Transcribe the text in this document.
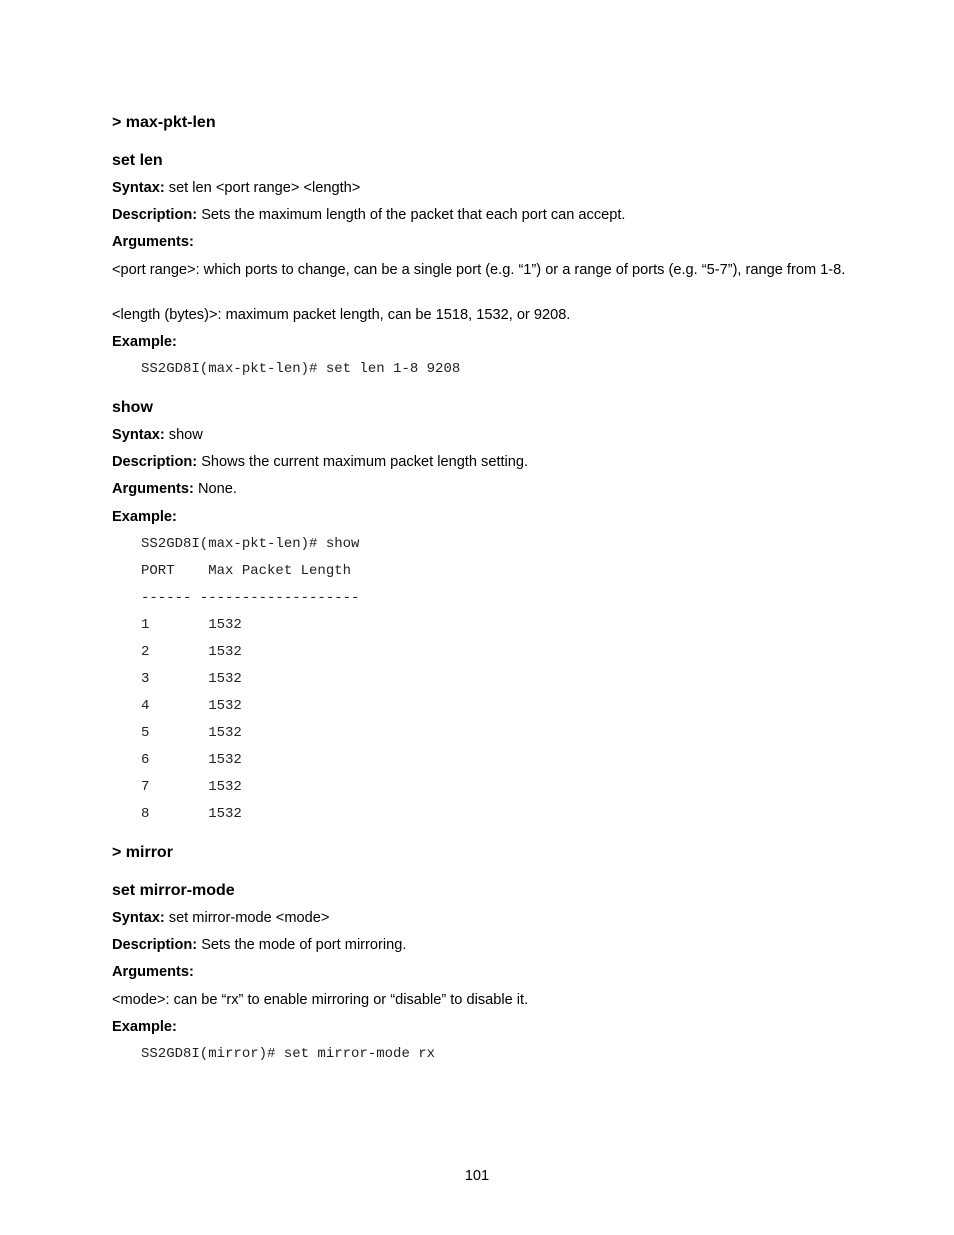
> max-pkt-len
set len
Syntax: set len <port range> <length>
Description: Sets the maximum length of the packet that each port can accept.
Arguments:
<port range>: which ports to change, can be a single port (e.g. “1”) or a range of ports (e.g. “5-7”), range from 1-8.
<length (bytes)>: maximum packet length, can be 1518, 1532, or 9208.
Example:
SS2GD8I(max-pkt-len)# set len 1-8 9208
show
Syntax: show
Description: Shows the current maximum packet length setting.
Arguments: None.
Example:
SS2GD8I(max-pkt-len)# show
PORT    Max Packet Length
------ -------------------
1       1532
2       1532
3       1532
4       1532
5       1532
6       1532
7       1532
8       1532
> mirror
set mirror-mode
Syntax: set mirror-mode <mode>
Description: Sets the mode of port mirroring.
Arguments:
<mode>: can be “rx” to enable mirroring or “disable” to disable it.
Example:
SS2GD8I(mirror)# set mirror-mode rx
101
